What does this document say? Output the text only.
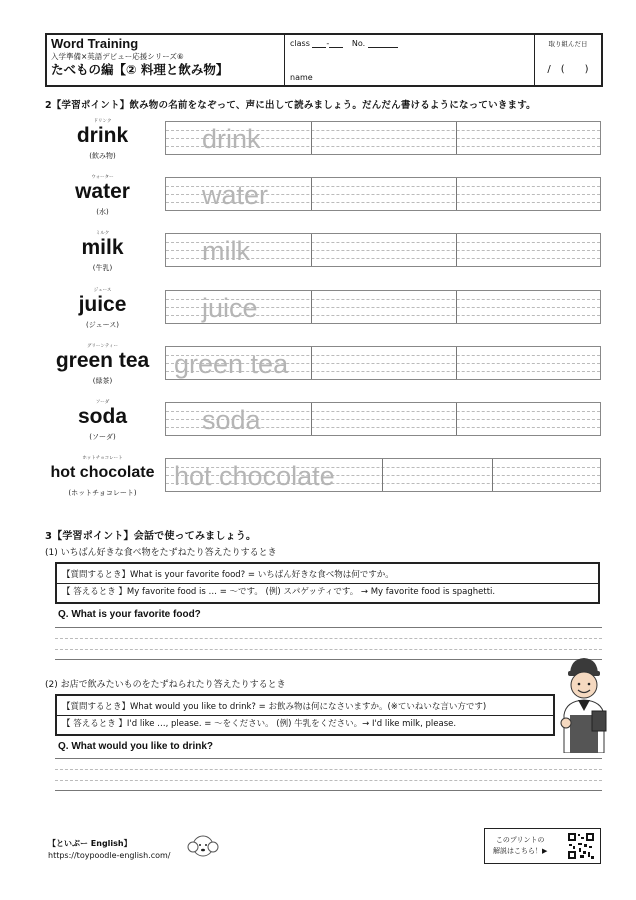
Word Training
入学準備×英語デビュー応援シリーズ⑥
たべもの編【② 料理と飲み物】
class -	No.
name
取り組んだ日
/　(　　)
2【学習ポイント】飲み物の名前をなぞって、声に出して読みましょう。だんだん書けるようになっていきます。
ドリンク
drink
(飲み物)
drink
ウォーター
water
(水)
water
ミルク
milk
(牛乳)
milk
ジュース
juice
(ジュース)
juice
グリーンティー
green tea
(緑茶)
green tea
ソーダ
soda
(ソーダ)
soda
ホットチョコレート
hot chocolate
(ホットチョコレート)
hot chocolate
3【学習ポイント】会話で使ってみましょう。
(1) いちばん好きな食べ物をたずねたり答えたりするとき
【質問するとき】What is your favorite food? = いちばん好きな食べ物は何ですか。
【 答えるとき 】My favorite food is … = 〜です。 (例) スパゲッティです。 → My favorite food is spaghetti.
Q. What is your favorite food?
(2) お店で飲みたいものをたずねられたり答えたりするとき
【質問するとき】What would you like to drink? = お飲み物は何になさいますか。(※ていねいな言い方です)
【 答えるとき 】I'd like …, please. = 〜をください。 (例) 牛乳をください。→ I'd like milk, please.
Q. What would you like to drink?
【といぷー English】
https://toypoodle-english.com/
このプリントの
解説はこちら！▶
